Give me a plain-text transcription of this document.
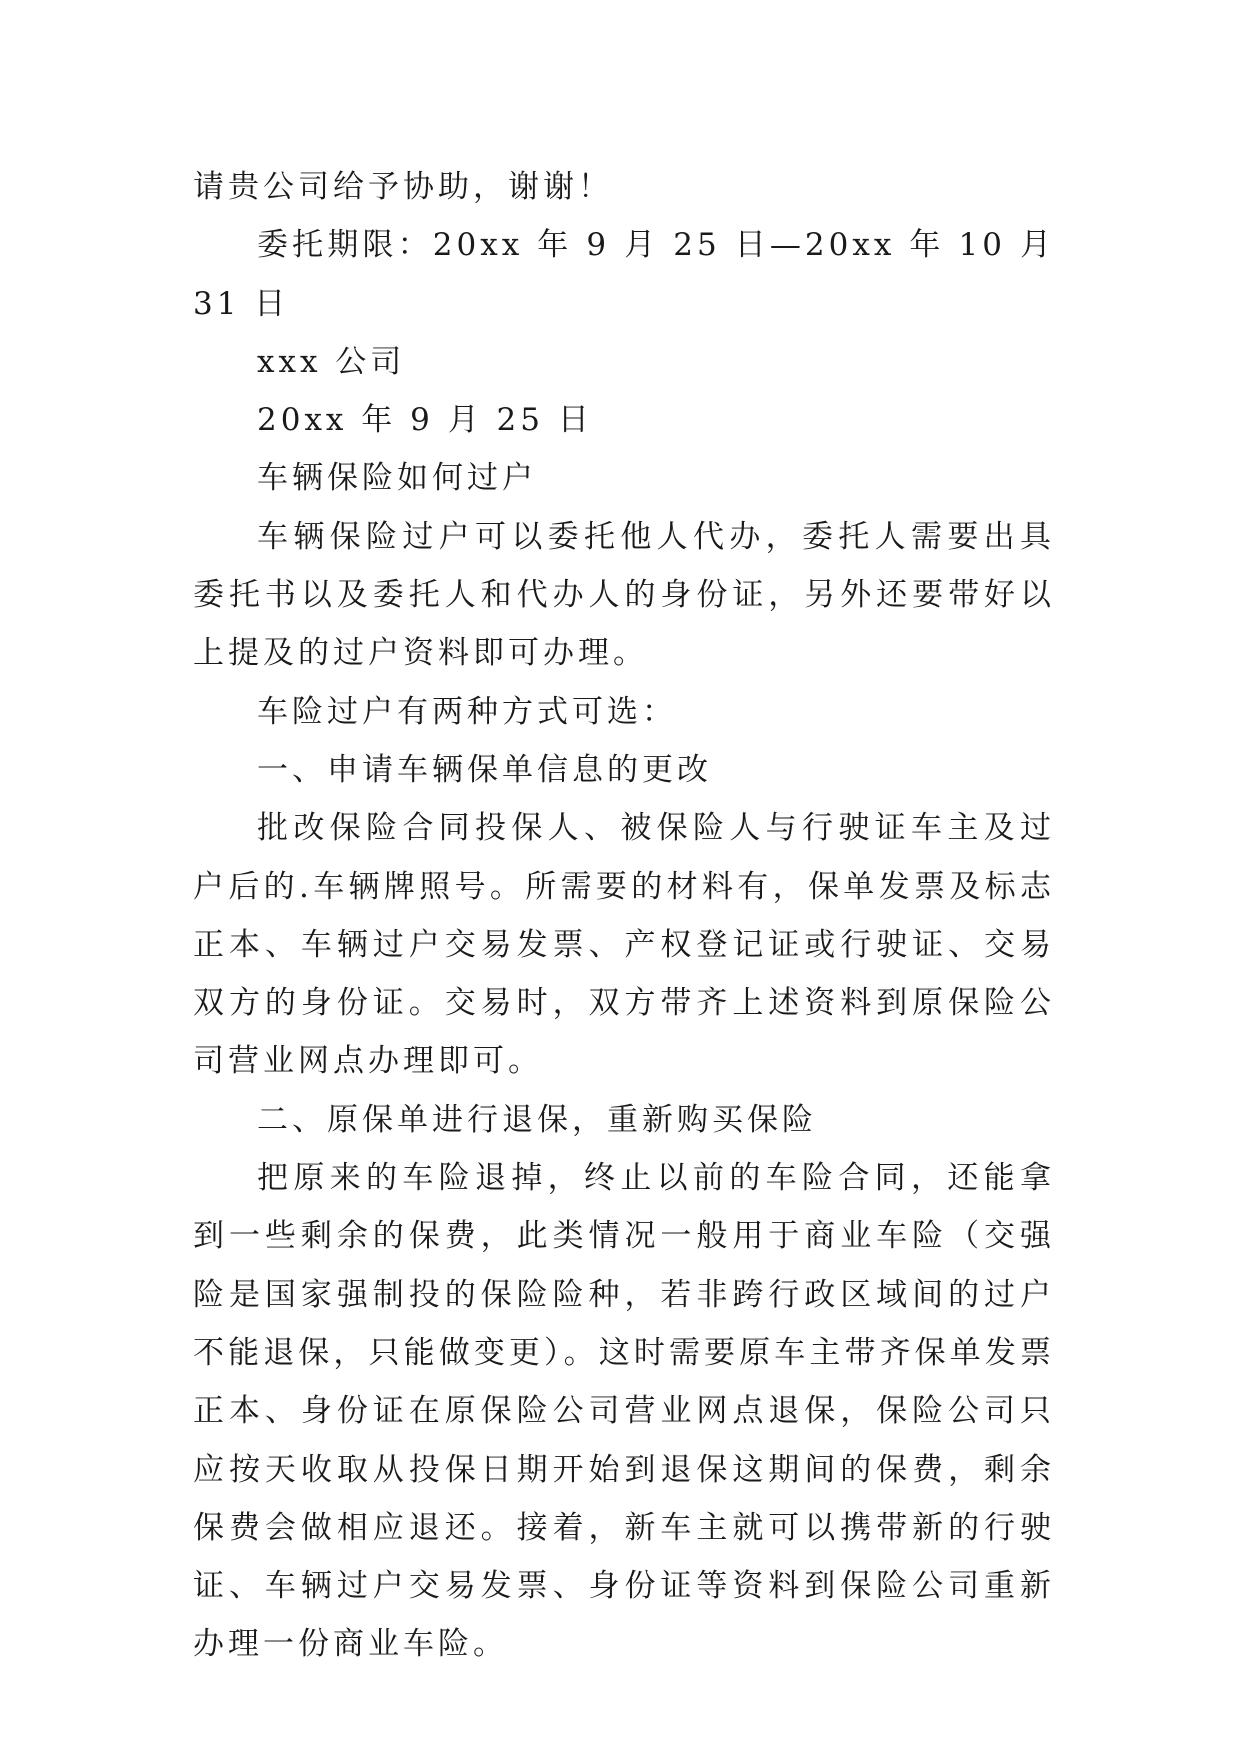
请贵公司给予协助，谢谢！

委托期限：20xx 年 9 月 25 日—20xx 年 10 月 31 日

xxx 公司

20xx 年 9 月 25 日

车辆保险如何过户

车辆保险过户可以委托他人代办，委托人需要出具委托书以及委托人和代办人的身份证，另外还要带好以上提及的过户资料即可办理。

车险过户有两种方式可选：

一、申请车辆保单信息的更改

批改保险合同投保人、被保险人与行驶证车主及过户后的.车辆牌照号。所需要的材料有，保单发票及标志正本、车辆过户交易发票、产权登记证或行驶证、交易双方的身份证。交易时，双方带齐上述资料到原保险公司营业网点办理即可。

二、原保单进行退保，重新购买保险

把原来的车险退掉，终止以前的车险合同，还能拿到一些剩余的保费，此类情况一般用于商业车险（交强险是国家强制投的保险险种，若非跨行政区域间的过户不能退保，只能做变更）。这时需要原车主带齐保单发票正本、身份证在原保险公司营业网点退保，保险公司只应按天收取从投保日期开始到退保这期间的保费，剩余保费会做相应退还。接着，新车主就可以携带新的行驶证、车辆过户交易发票、身份证等资料到保险公司重新办理一份商业车险。
